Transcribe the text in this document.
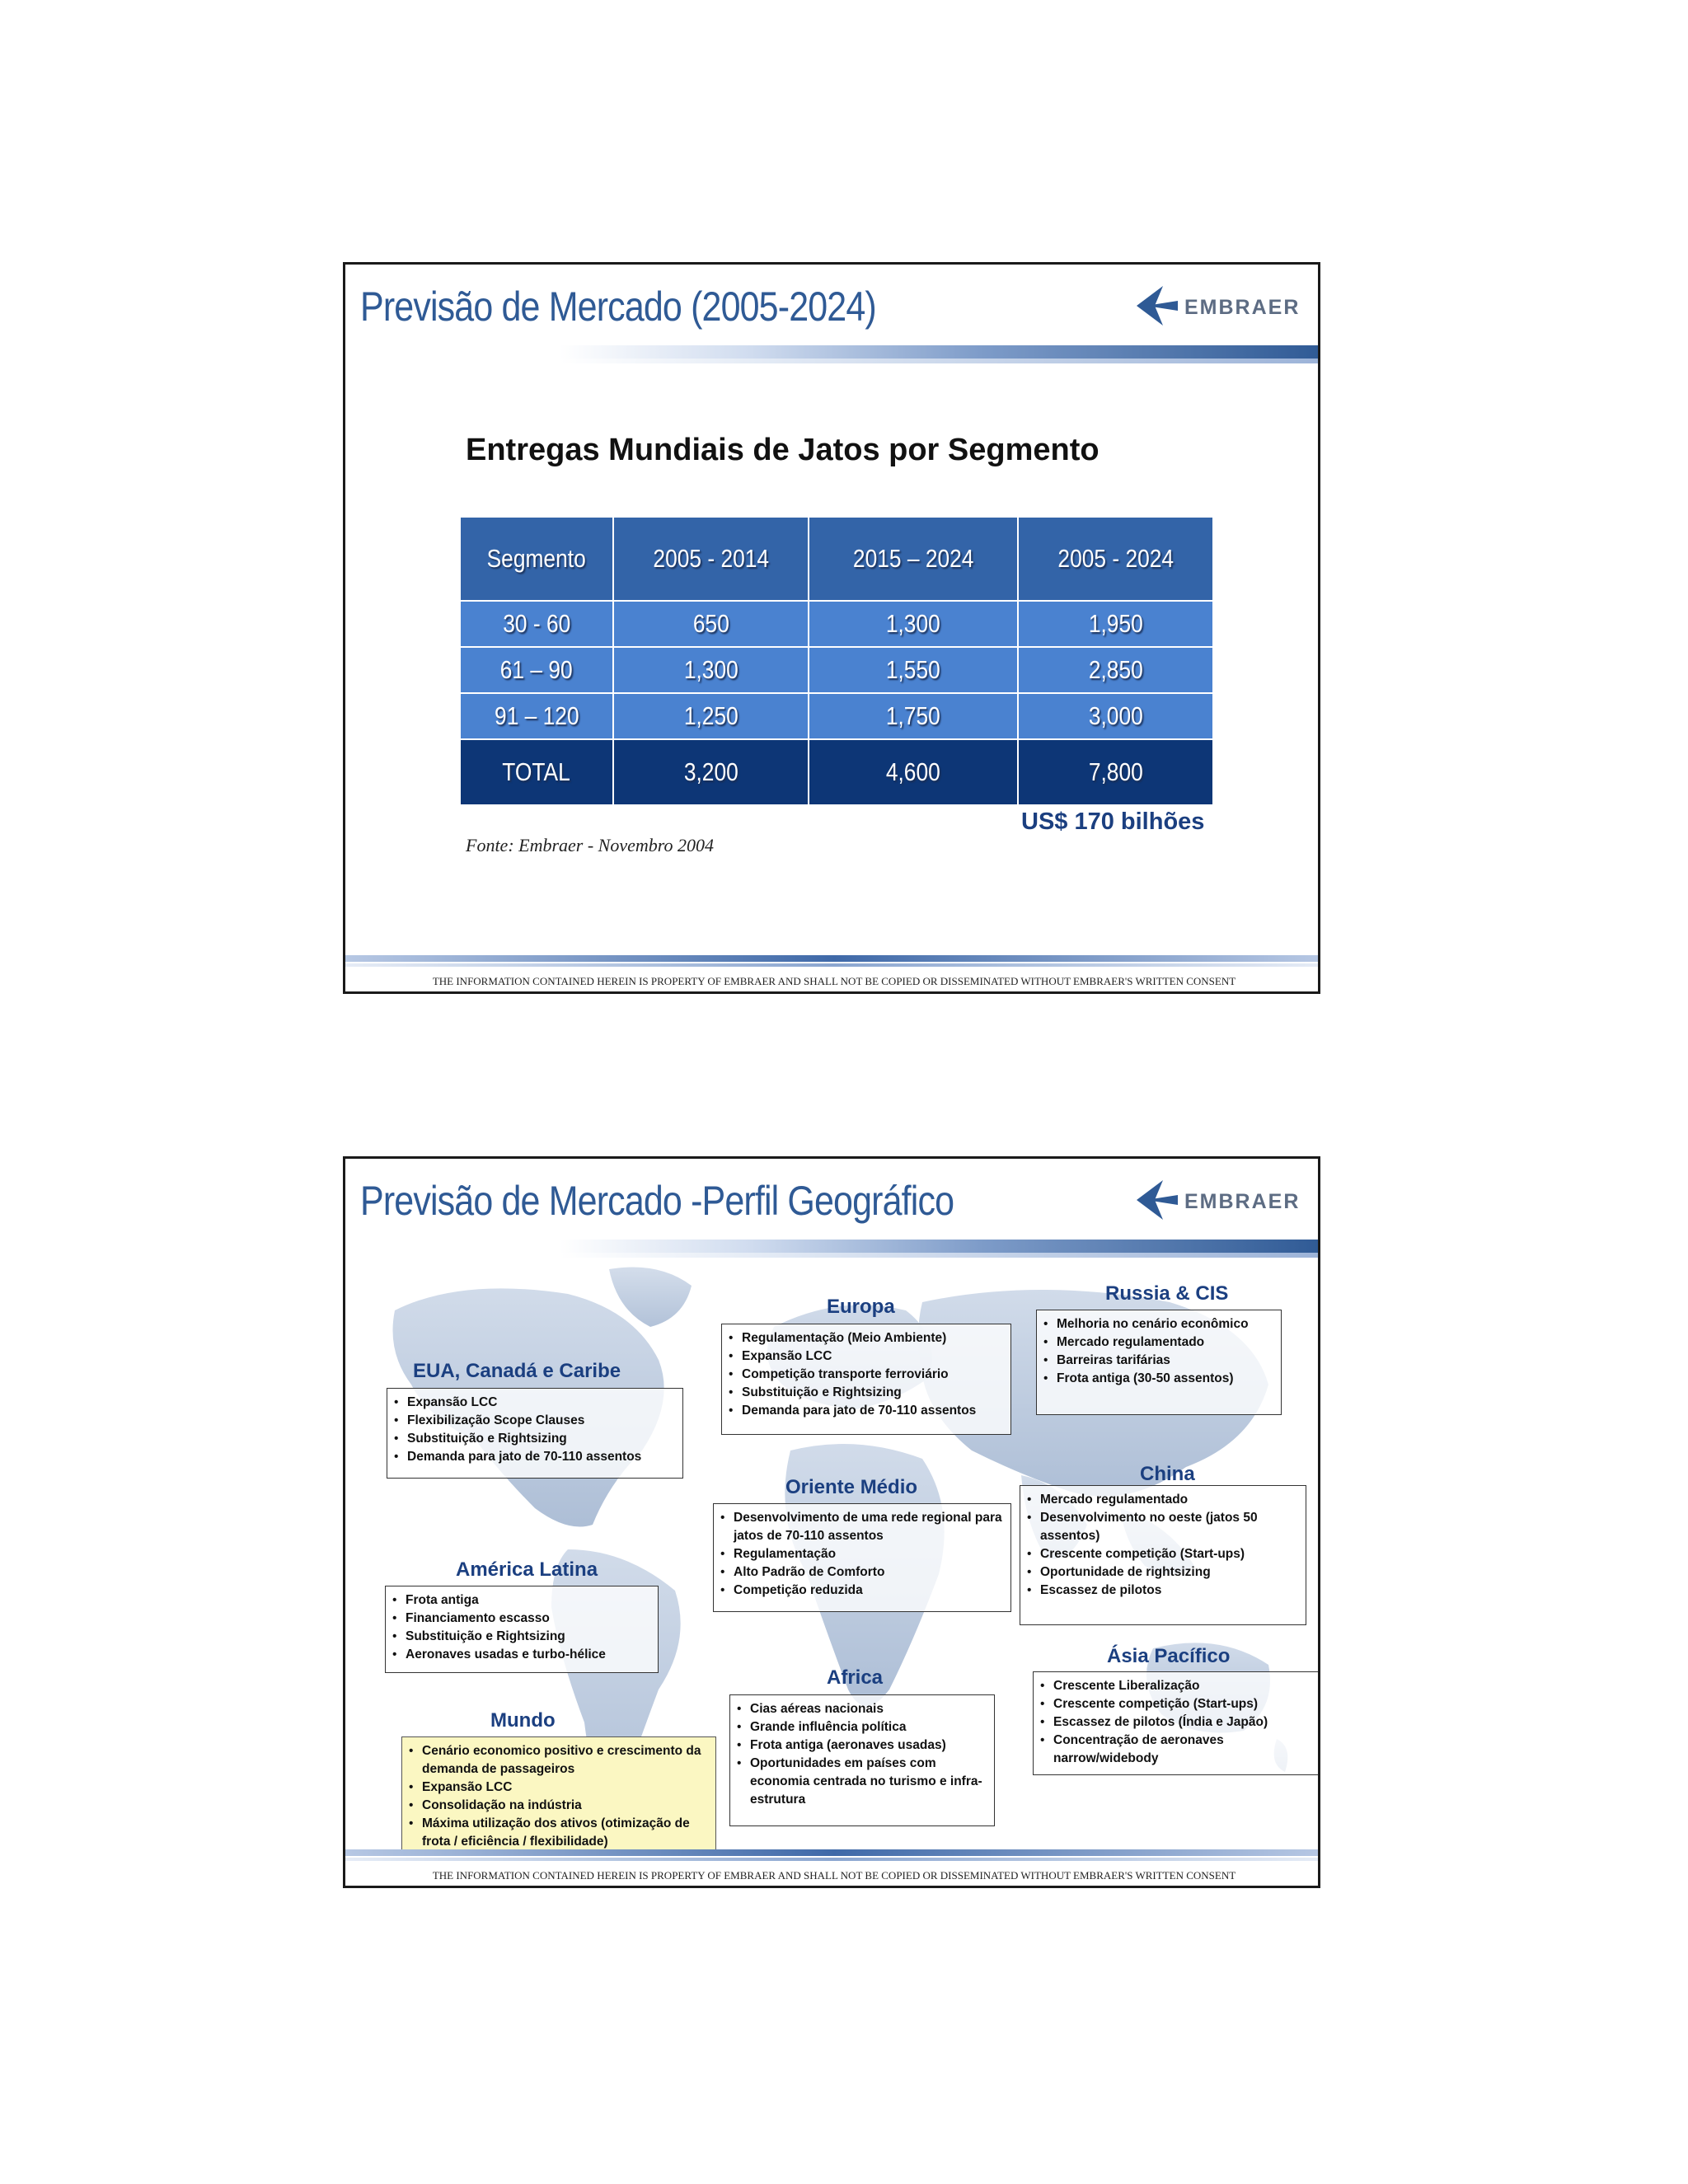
Previsão de Mercado (2005-2024)	EMBRAER
Entregas Mundiais de Jatos por Segmento
Segmento	2005 - 2014	2015 – 2024	2005 - 2024
30 - 60	650	1,300	1,950
61 – 90	1,300	1,550	2,850
91 – 120	1,250	1,750	3,000
TOTAL	3,200	4,600	7,800
US$ 170 bilhões
Fonte: Embraer - Novembro 2004
THE INFORMATION CONTAINED HEREIN IS PROPERTY OF EMBRAER AND SHALL NOT BE COPIED OR DISSEMINATED WITHOUT EMBRAER'S WRITTEN CONSENT
Previsão de Mercado -Perfil Geográfico	EMBRAER
EUA, Canadá e Caribe
• Expansão LCC
• Flexibilização Scope Clauses
• Substituição e Rightsizing
• Demanda para jato de 70-110 assentos
América Latina
• Frota antiga
• Financiamento escasso
• Substituição e Rightsizing
• Aeronaves usadas e turbo-hélice
Mundo
• Cenário economico positivo e crescimento da demanda de passageiros
• Expansão LCC
• Consolidação na indústria
• Máxima utilização dos ativos (otimização de frota / eficiência / flexibilidade)
Europa
• Regulamentação (Meio Ambiente)
• Expansão LCC
• Competição transporte ferroviário
• Substituição e Rightsizing
• Demanda para jato de 70-110 assentos
Oriente Médio
• Desenvolvimento de uma rede regional para jatos de 70-110 assentos
• Regulamentação
• Alto Padrão de Comforto
• Competição reduzida
Africa
• Cias aéreas nacionais
• Grande influência política
• Frota antiga (aeronaves usadas)
• Oportunidades em países com economia centrada no turismo e infra-estrutura
Russia & CIS
• Melhoria no cenário econômico
• Mercado regulamentado
• Barreiras tarifárias
• Frota antiga (30-50 assentos)
China
• Mercado regulamentado
• Desenvolvimento no oeste (jatos 50 assentos)
• Crescente competição (Start-ups)
• Oportunidade de rightsizing
• Escassez de pilotos
Ásia Pacífico
• Crescente Liberalização
• Crescente competição (Start-ups)
• Escassez de pilotos (Índia e Japão)
• Concentração de aeronaves narrow/widebody
THE INFORMATION CONTAINED HEREIN IS PROPERTY OF EMBRAER AND SHALL NOT BE COPIED OR DISSEMINATED WITHOUT EMBRAER'S WRITTEN CONSENT
